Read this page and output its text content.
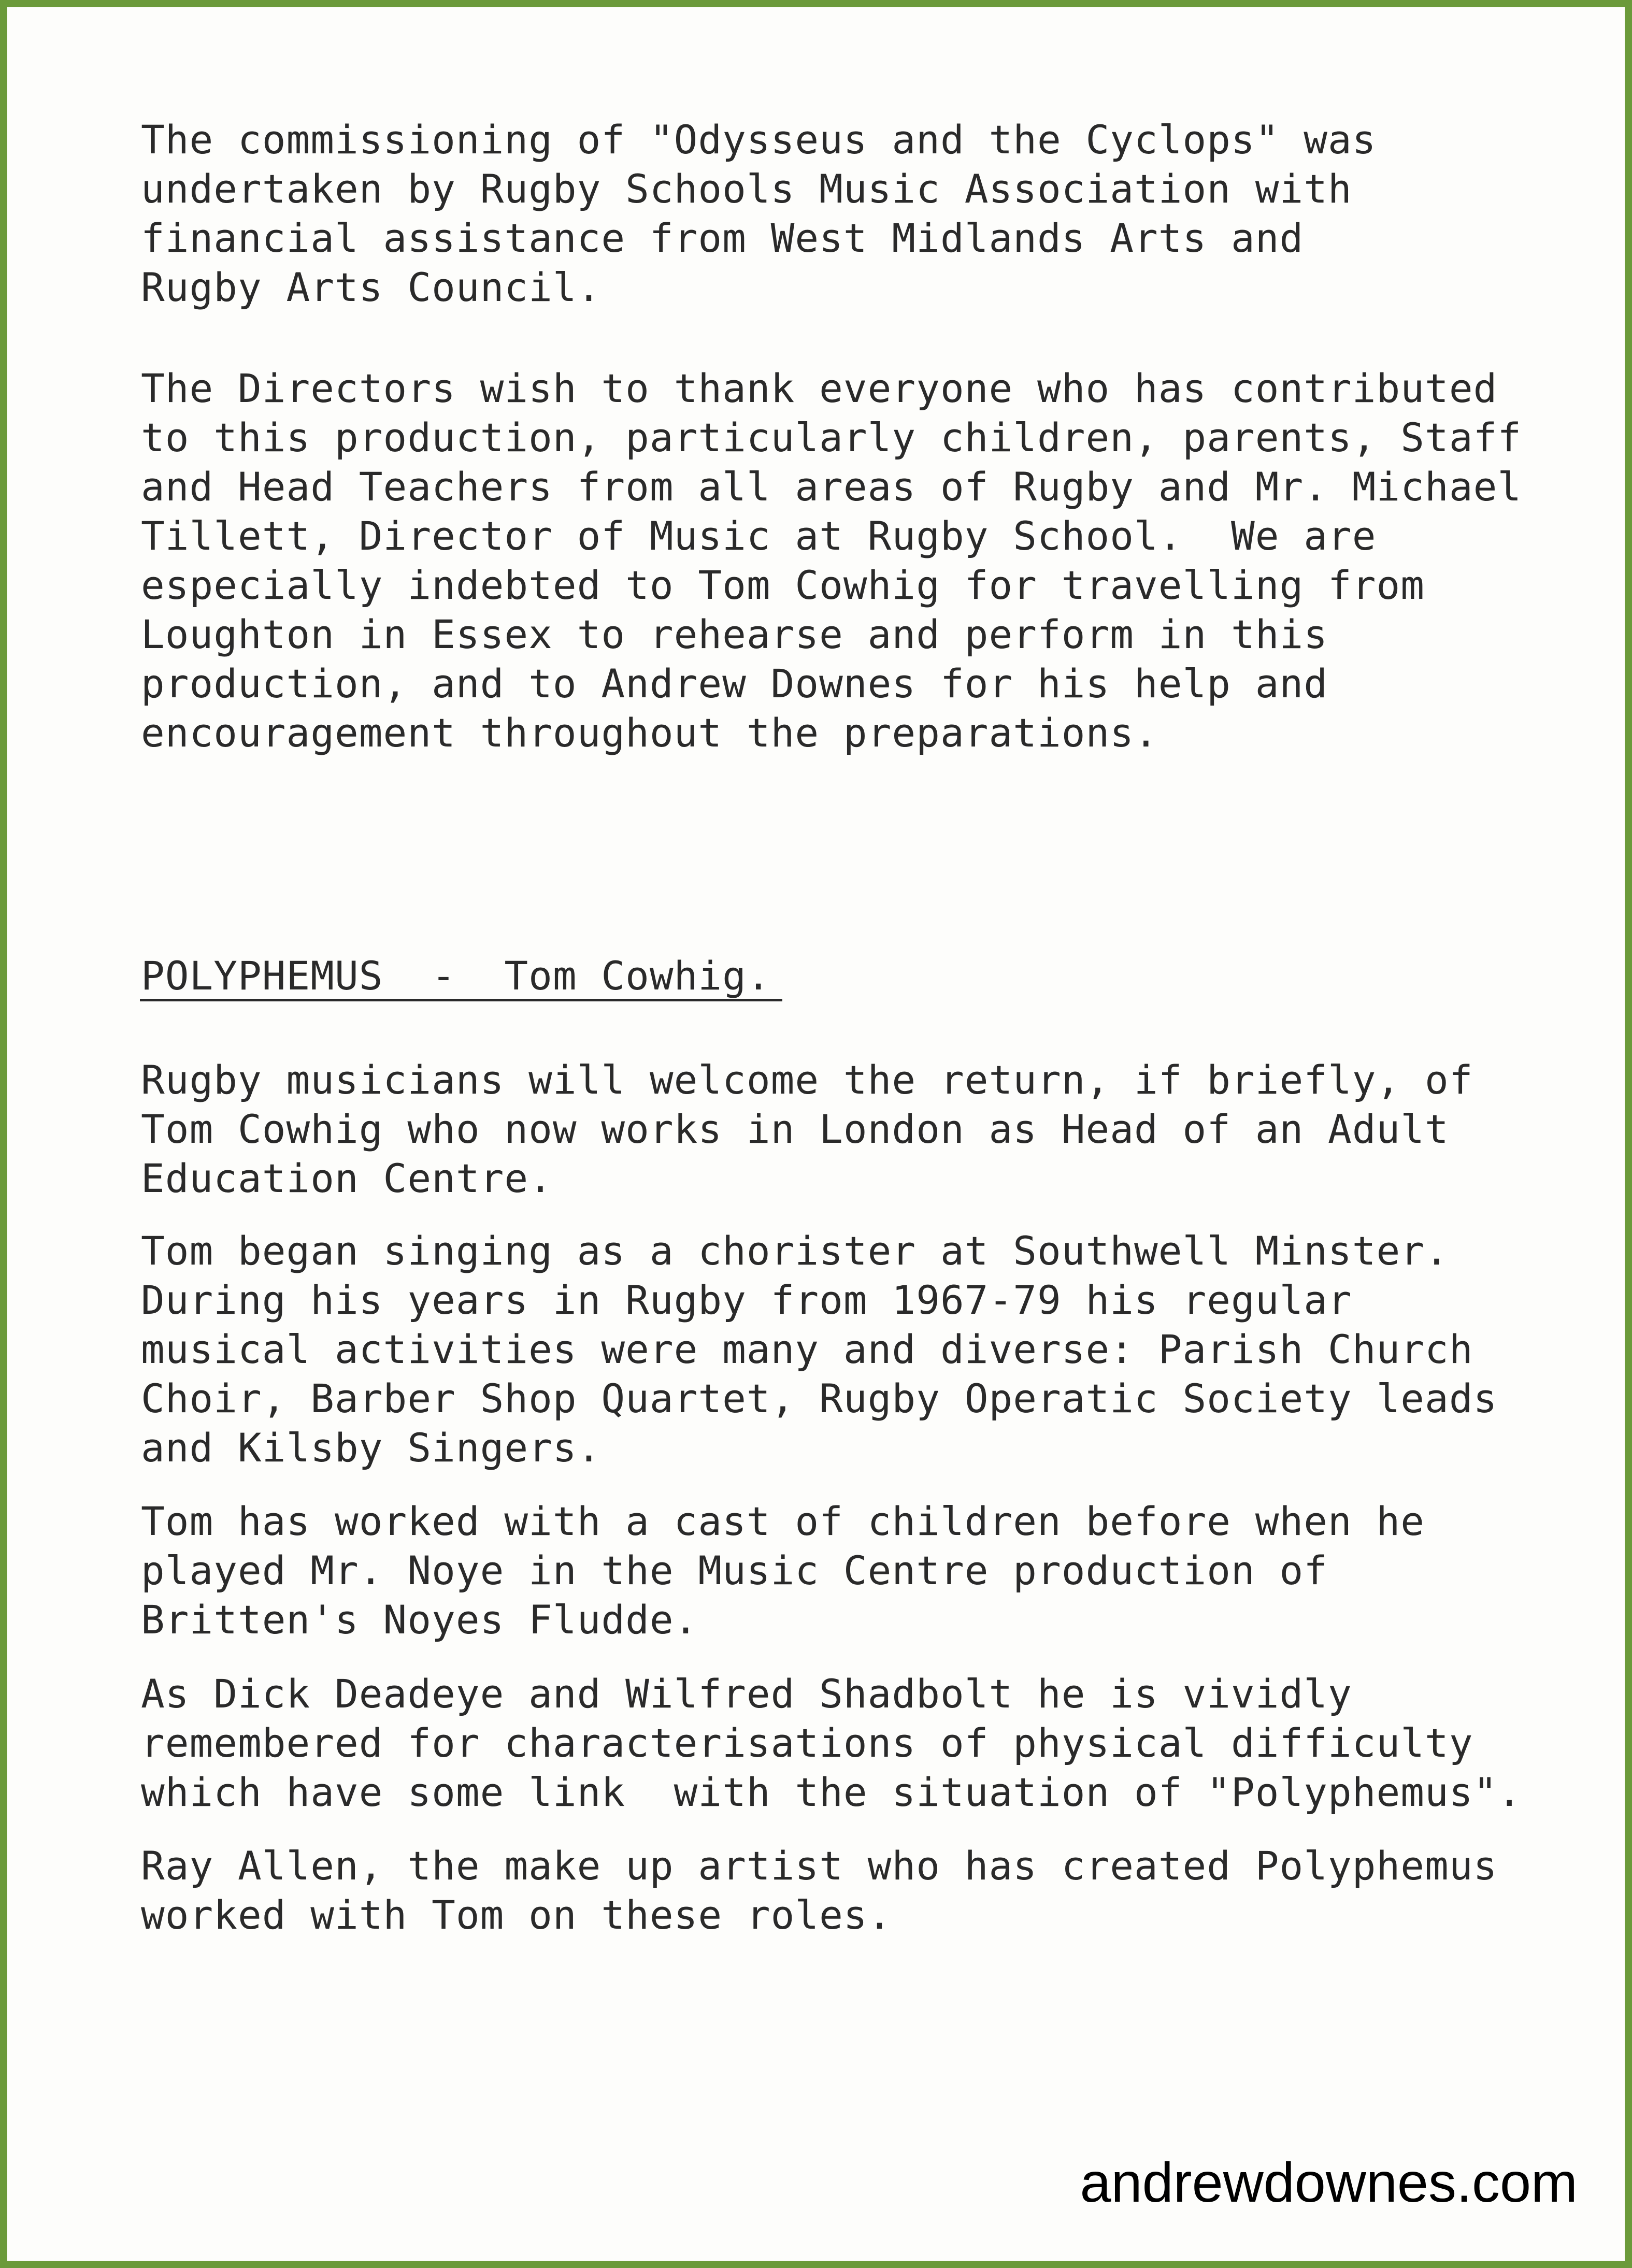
The commissioning of "Odysseus and the Cyclops" was
undertaken by Rugby Schools Music Association with
financial assistance from West Midlands Arts and
Rugby Arts Council.
The Directors wish to thank everyone who has contributed
to this production, particularly children, parents, Staff
and Head Teachers from all areas of Rugby and Mr. Michael
Tillett, Director of Music at Rugby School.  We are
especially indebted to Tom Cowhig for travelling from
Loughton in Essex to rehearse and perform in this
production, and to Andrew Downes for his help and
encouragement throughout the preparations.
POLYPHEMUS  -  Tom Cowhig.
Rugby musicians will welcome the return, if briefly, of
Tom Cowhig who now works in London as Head of an Adult
Education Centre.
Tom began singing as a chorister at Southwell Minster.
During his years in Rugby from 1967-79 his regular
musical activities were many and diverse: Parish Church
Choir, Barber Shop Quartet, Rugby Operatic Society leads
and Kilsby Singers.
Tom has worked with a cast of children before when he
played Mr. Noye in the Music Centre production of
Britten's Noyes Fludde.
As Dick Deadeye and Wilfred Shadbolt he is vividly
remembered for characterisations of physical difficulty
which have some link  with the situation of "Polyphemus".
Ray Allen, the make up artist who has created Polyphemus
worked with Tom on these roles.
andrewdownes.com
